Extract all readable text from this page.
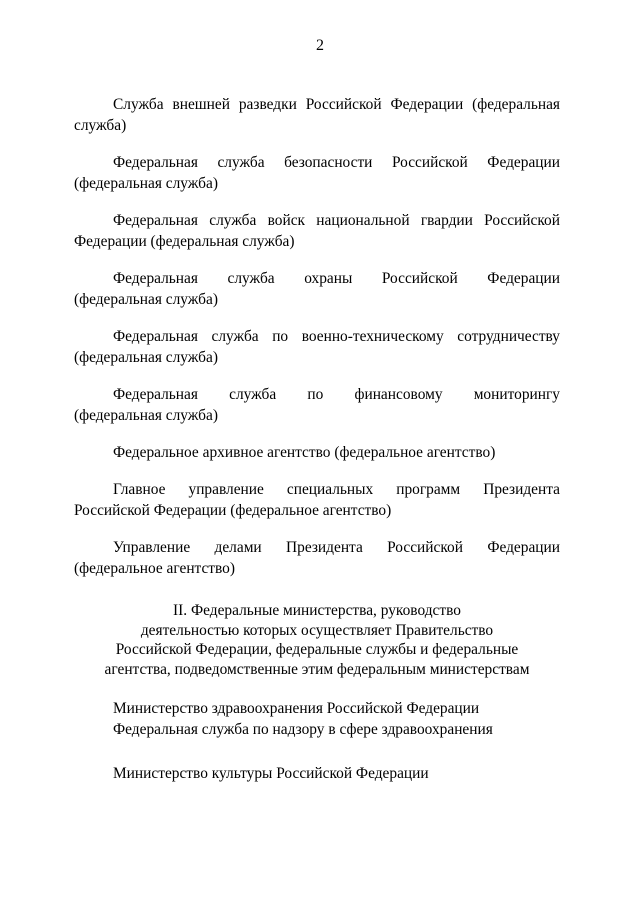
2

Служба внешней разведки Российской Федерации (федеральная

служба)

Федеральная служба безопасности Российской Федерации

(федеральная служба)

Федеральная служба войск национальной гвардии Российской

Федерации (федеральная служба)

Федеральная служба охраны Российской Федерации

(федеральная служба)

Федеральная служба по военно-техническому сотрудничеству

(федеральная служба)

Федеральная служба по финансовому мониторингу

(федеральная служба)

Федеральное архивное агентство (федеральное агентство)

Главное управление специальных программ Президента

Российской Федерации (федеральное агентство)

Управление делами Президента Российской Федерации

(федеральное агентство)

II. Федеральные министерства, руководство
деятельностью которых осуществляет Правительство
Российской Федерации, федеральные службы и федеральные
агентства, подведомственные этим федеральным министерствам
Министерство здравоохранения Российской Федерации
Федеральная служба по надзору в сфере здравоохранения
Министерство культуры Российской Федерации
